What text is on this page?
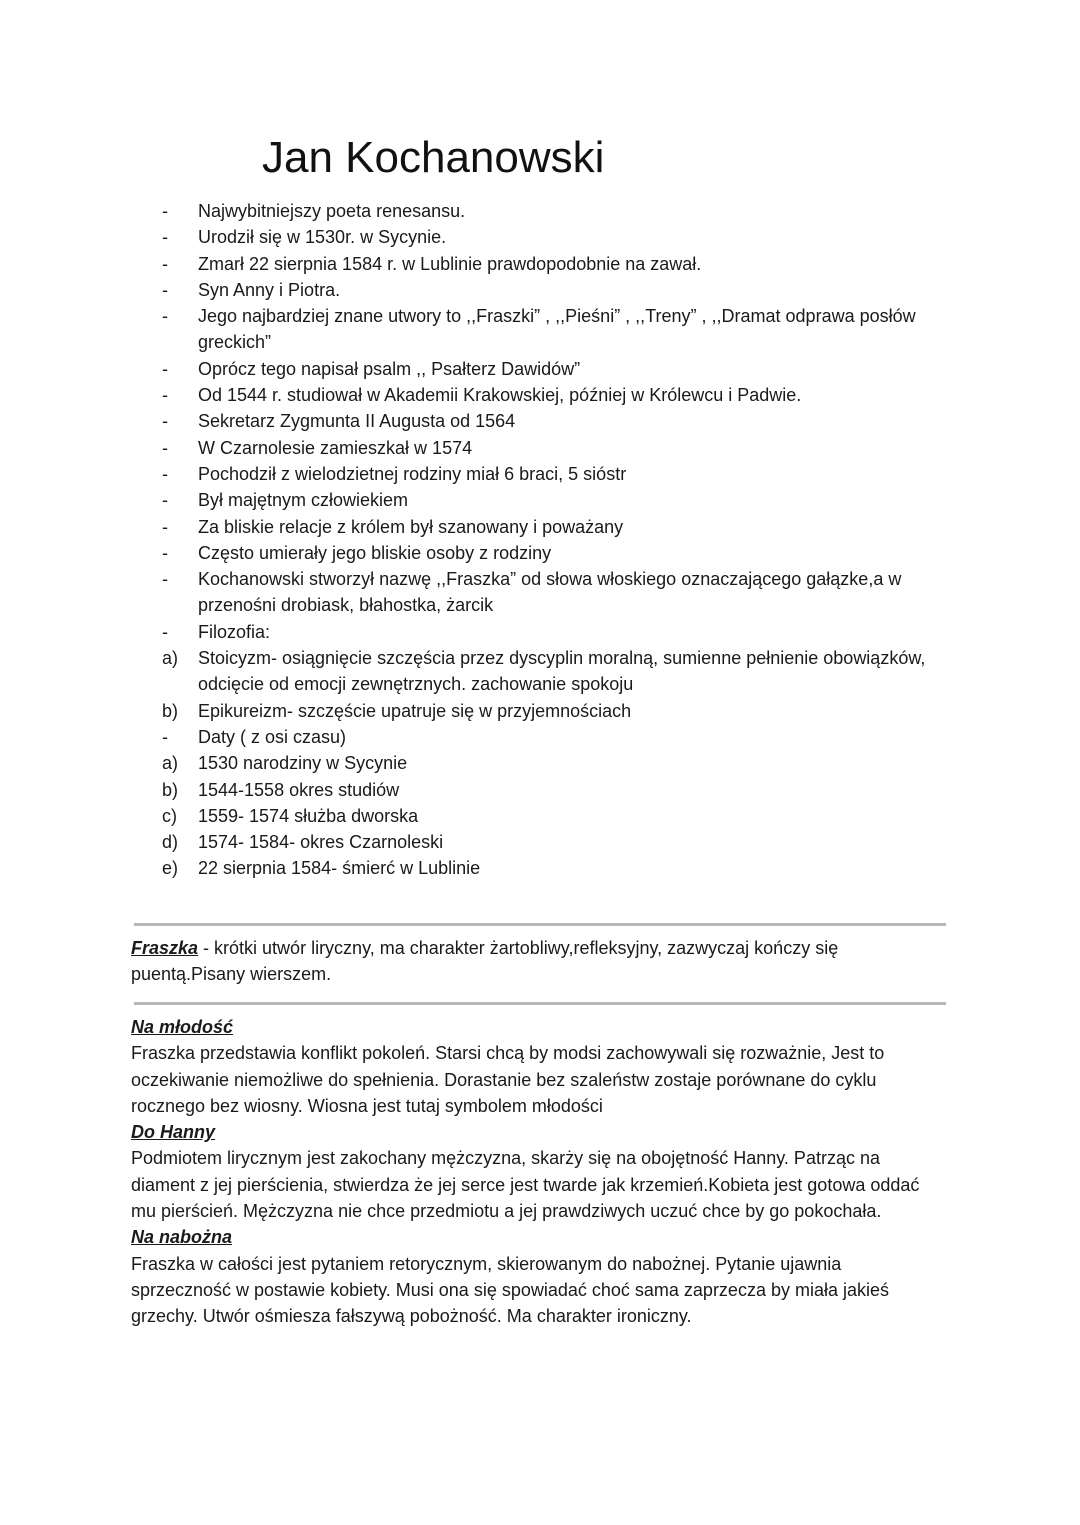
Jan Kochanowski
-	Najwybitniejszy poeta renesansu.
-	Urodził się w 1530r. w Sycynie.
-	Zmarł 22 sierpnia 1584 r. w Lublinie prawdopodobnie na zawał.
-	Syn Anny i Piotra.
-	Jego najbardziej znane utwory to ,,Fraszki” , ,,Pieśni” , ,,Treny” , ,,Dramat odprawa posłów greckich”
-	Oprócz tego napisał psalm ,, Psałterz Dawidów”
-	Od 1544 r. studiował w Akademii Krakowskiej, później w Królewcu i Padwie.
-	Sekretarz Zygmunta II Augusta od 1564
-	W Czarnolesie zamieszkał w 1574
-	Pochodził z wielodzietnej rodziny miał 6 braci, 5 sióstr
-	Był majętnym człowiekiem
-	Za bliskie relacje z królem był szanowany i poważany
-	Często umierały jego bliskie osoby z rodziny
-	Kochanowski stworzył nazwę ,,Fraszka” od słowa włoskiego oznaczającego gałązke,a w przenośni drobiask, błahostka, żarcik
-	Filozofia:
a)	Stoicyzm- osiągnięcie szczęścia przez dyscyplin moralną, sumienne pełnienie obowiązków, odcięcie od emocji zewnętrznych. zachowanie spokoju
b)	Epikureizm- szczęście upatruje się w przyjemnościach
-	Daty ( z osi czasu)
a)	1530 narodziny w Sycynie
b)	1544-1558 okres studiów
c)	1559- 1574 służba dworska
d)	1574- 1584- okres Czarnoleski
e)	22 sierpnia 1584- śmierć w Lublinie

Fraszka - krótki utwór liryczny, ma charakter żartobliwy,refleksyjny, zazwyczaj kończy się puentą.Pisany wierszem.

Na młodość

Fraszka przedstawia konflikt pokoleń. Starsi chcą by modsi zachowywali się rozważnie, Jest to oczekiwanie niemożliwe do spełnienia. Dorastanie bez szaleństw zostaje porównane do cyklu rocznego bez wiosny. Wiosna jest tutaj symbolem młodości

Do Hanny

Podmiotem lirycznym jest zakochany mężczyzna, skarży się na obojętność Hanny. Patrząc na diament z jej pierścienia, stwierdza że jej serce jest twarde jak krzemień.Kobieta jest gotowa oddać mu pierścień. Mężczyzna nie chce przedmiotu a jej prawdziwych uczuć chce by go pokochała.

Na nabożna

Fraszka w całości jest pytaniem retorycznym, skierowanym do nabożnej. Pytanie ujawnia sprzeczność w postawie kobiety. Musi ona się spowiadać choć sama zaprzecza by miała jakieś grzechy. Utwór ośmiesza fałszywą pobożność. Ma charakter ironiczny.
